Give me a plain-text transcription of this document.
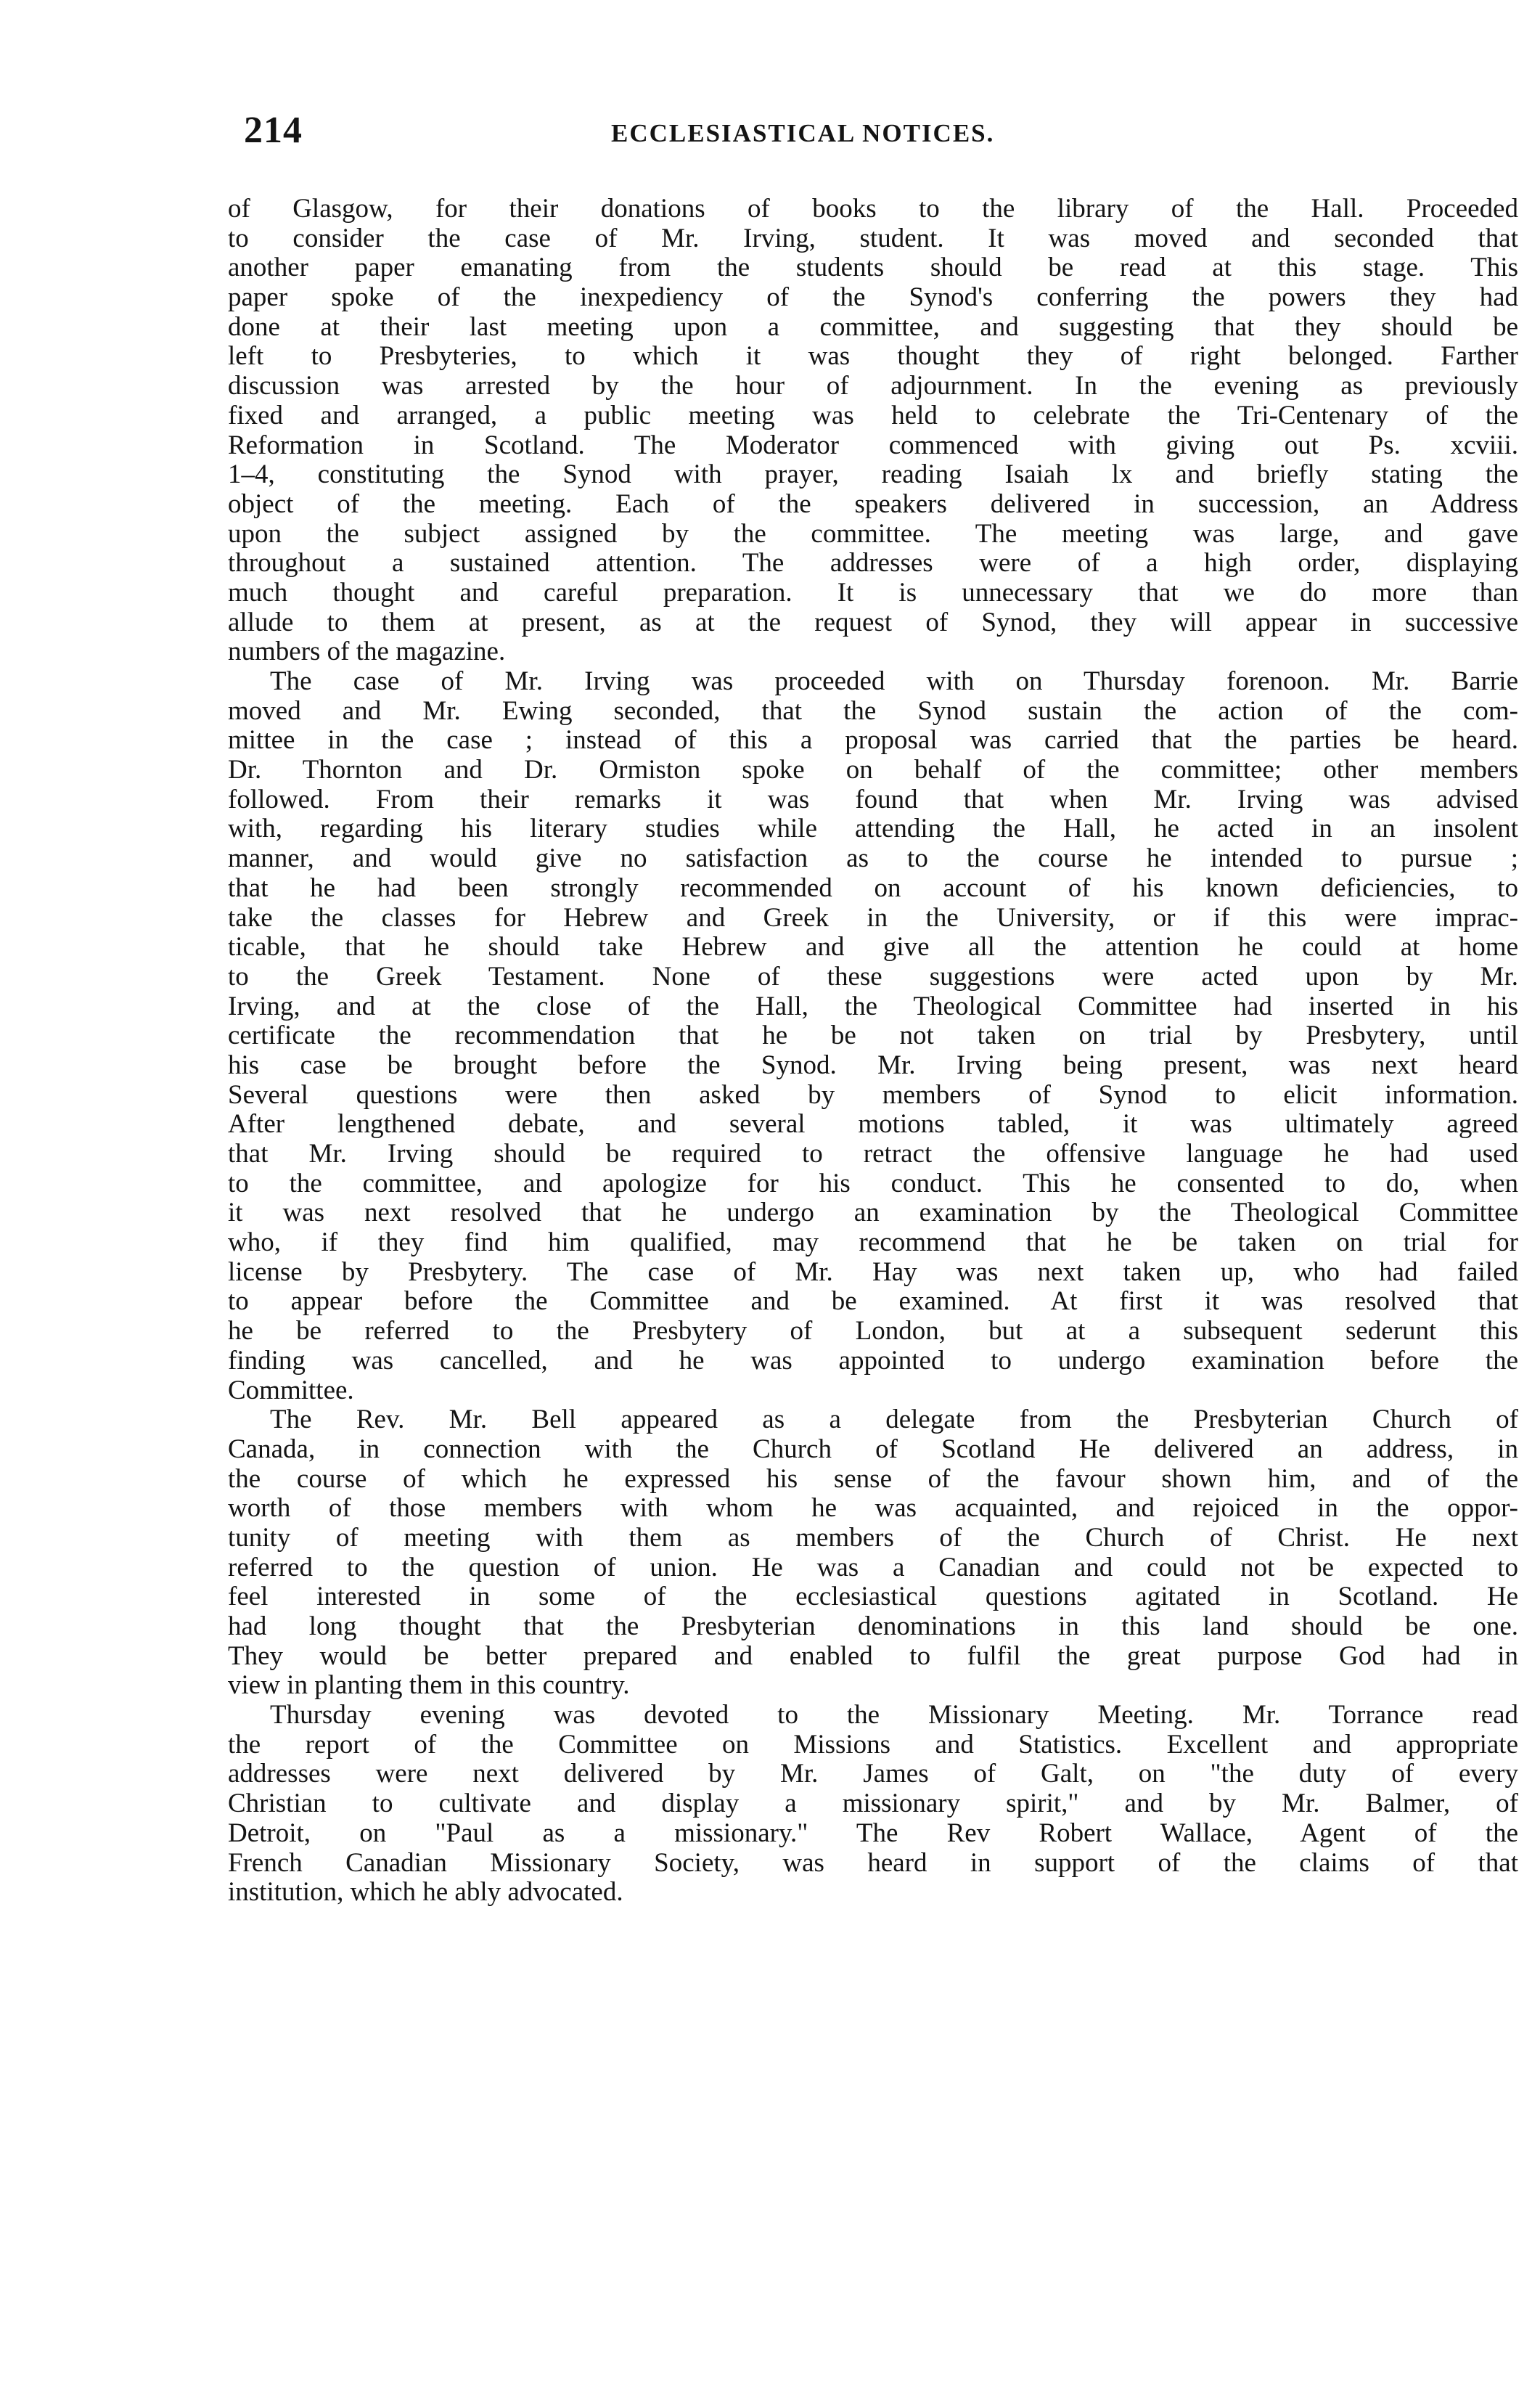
214	ECCLESIASTICAL NOTICES.
of Glasgow, for their donations of books to the library of the Hall. Proceeded
to consider the case of Mr. Irving, student. It was moved and seconded that
another paper emanating from the students should be read at this stage. This
paper spoke of the inexpediency of the Synod's conferring the powers they had
done at their last meeting upon a committee, and suggesting that they should be
left to Presbyteries, to which it was thought they of right belonged. Farther
discussion was arrested by the hour of adjournment. In the evening as previously
fixed and arranged, a public meeting was held to celebrate the Tri-Centenary of the
Reformation in Scotland. The Moderator commenced with giving out Ps. xcviii.
1–4, constituting the Synod with prayer, reading Isaiah lx and briefly stating the
object of the meeting. Each of the speakers delivered in succession, an Address
upon the subject assigned by the committee. The meeting was large, and gave
throughout a sustained attention. The addresses were of a high order, displaying
much thought and careful preparation. It is unnecessary that we do more than
allude to them at present, as at the request of Synod, they will appear in successive
numbers of the magazine.
The case of Mr. Irving was proceeded with on Thursday forenoon. Mr. Barrie
moved and Mr. Ewing seconded, that the Synod sustain the action of the com-
mittee in the case ; instead of this a proposal was carried that the parties be heard.
Dr. Thornton and Dr. Ormiston spoke on behalf of the committee; other members
followed. From their remarks it was found that when Mr. Irving was advised
with, regarding his literary studies while attending the Hall, he acted in an insolent
manner, and would give no satisfaction as to the course he intended to pursue ;
that he had been strongly recommended on account of his known deficiencies, to
take the classes for Hebrew and Greek in the University, or if this were imprac-
ticable, that he should take Hebrew and give all the attention he could at home
to the Greek Testament. None of these suggestions were acted upon by Mr.
Irving, and at the close of the Hall, the Theological Committee had inserted in his
certificate the recommendation that he be not taken on trial by Presbytery, until
his case be brought before the Synod. Mr. Irving being present, was next heard
Several questions were then asked by members of Synod to elicit information.
After lengthened debate, and several motions tabled, it was ultimately agreed
that Mr. Irving should be required to retract the offensive language he had used
to the committee, and apologize for his conduct. This he consented to do, when
it was next resolved that he undergo an examination by the Theological Committee
who, if they find him qualified, may recommend that he be taken on trial for
license by Presbytery. The case of Mr. Hay was next taken up, who had failed
to appear before the Committee and be examined. At first it was resolved that
he be referred to the Presbytery of London, but at a subsequent sederunt this
finding was cancelled, and he was appointed to undergo examination before the
Committee.
The Rev. Mr. Bell appeared as a delegate from the Presbyterian Church of
Canada, in connection with the Church of Scotland He delivered an address, in
the course of which he expressed his sense of the favour shown him, and of the
worth of those members with whom he was acquainted, and rejoiced in the oppor-
tunity of meeting with them as members of the Church of Christ. He next
referred to the question of union. He was a Canadian and could not be expected to
feel interested in some of the ecclesiastical questions agitated in Scotland. He
had long thought that the Presbyterian denominations in this land should be one.
They would be better prepared and enabled to fulfil the great purpose God had in
view in planting them in this country.
Thursday evening was devoted to the Missionary Meeting. Mr. Torrance read
the report of the Committee on Missions and Statistics. Excellent and appropriate
addresses were next delivered by Mr. James of Galt, on "the duty of every
Christian to cultivate and display a missionary spirit," and by Mr. Balmer, of
Detroit, on "Paul as a missionary." The Rev Robert Wallace, Agent of the
French Canadian Missionary Society, was heard in support of the claims of that
institution, which he ably advocated.
